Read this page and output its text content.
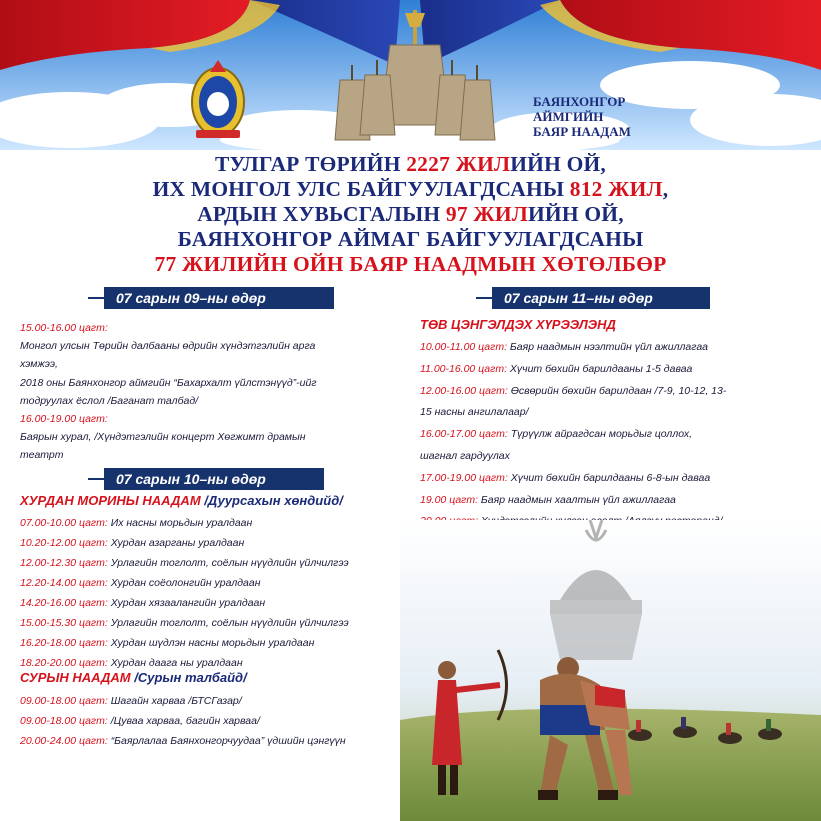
БАЯНХОНГОР АЙМГИЙН
БАЯР НААДАМ
ТУЛГАР ТӨРИЙН 2227 ЖИЛИЙН ОЙ,
ИХ МОНГОЛ УЛС БАЙГУУЛАГДСАНЫ 812 ЖИЛ,
АРДЫН ХУВЬСГАЛЫН 97 ЖИЛИЙН ОЙ,
БАЯНХОНГОР АЙМАГ БАЙГУУЛАГДСАНЫ
77 ЖИЛИЙН ОЙН БАЯР НААДМЫН ХӨТӨЛБӨР
07 сарын 09–ны өдөр
15.00-16.00 цагт:
Монгол улсын Төрийн далбааны өдрийн хүндэтгэлийн арга
хэмжээ,
2018 оны Баянхонгор аймгийн “Бахархалт үйлстэнүүд”-ийг
тодруулах ёслол /Баганат талбад/
16.00-19.00 цагт:
Баярын хурал, /Хүндэтгэлийн концерт Хөгжимт драмын
театрт
07 сарын 10–ны өдөр
ХУРДАН МОРИНЫ НААДАМ /Дуурсахын хөндийд/
07.00-10.00 цагт: Их насны морьдын уралдаан
10.20-12.00 цагт: Хурдан азарганы уралдаан
12.00-12.30 цагт: Урлагийн тоглолт, соёлын нүүдлийн үйлчилгээ
12.20-14.00 цагт: Хурдан соёолонгийн уралдаан
14.20-16.00 цагт: Хурдан хязаалангийн уралдаан
15.00-15.30 цагт: Урлагийн тоглолт, соёлын нүүдлийн үйлчилгээ
16.20-18.00 цагт: Хурдан шүдлэн насны морьдын уралдаан
18.20-20.00 цагт: Хурдан даага ны уралдаан
СУРЫН НААДАМ /Сурын талбайд/
09.00-18.00 цагт: Шагайн харваа /БТСГазар/
09.00-18.00 цагт: /Цуваа харваа, багийн харваа/
20.00-24.00 цагт: “Баярлалаа Баянхонгорчуудаа” үдшийн цэнгүүн
07 сарын 11–ны өдөр
ТӨВ ЦЭНГЭЛДЭХ ХҮРЭЭЛЭНД
10.00-11.00 цагт: Баяр наадмын нээлтийн үйл ажиллагаа
11.00-16.00 цагт: Хүчит бөхийн барилдааны 1-5 даваа
12.00-16.00 цагт: Өсвөрийн бөхийн барилдаан /7-9, 10-12, 13-
15 насны ангилалаар/
16.00-17.00 цагт: Түрүүлж айрагдсан морьдыг цоллох,
шагнал гардуулах
17.00-19.00 цагт: Хүчит бөхийн барилдааны 6-8-ын даваа
19.00 цагт: Баяр наадмын хаалтын үйл ажиллагаа
